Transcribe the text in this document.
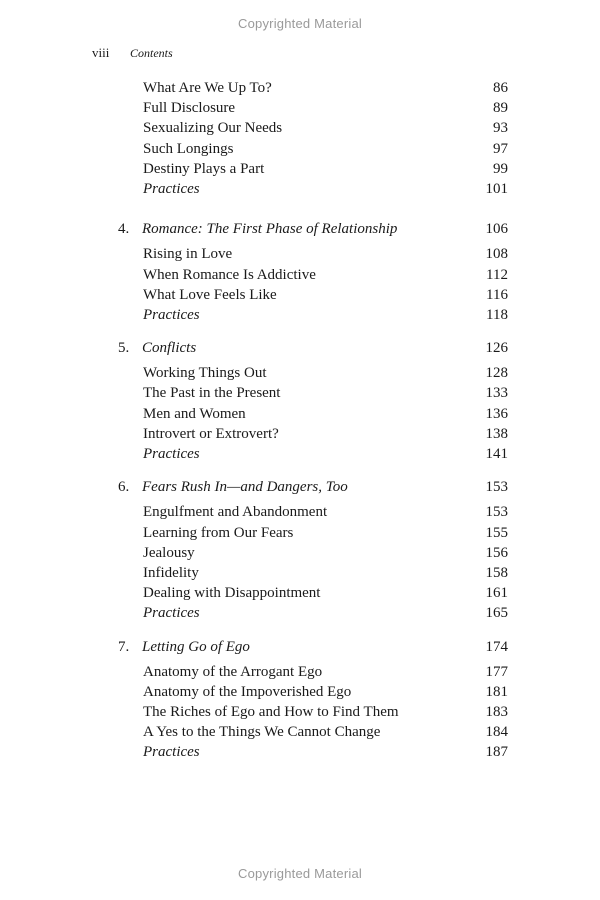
Copyrighted Material
viii Contents
What Are We Up To?	86
Full Disclosure	89
Sexualizing Our Needs	93
Such Longings	97
Destiny Plays a Part	99
Practices	101
4. Romance: The First Phase of Relationship	106
Rising in Love	108
When Romance Is Addictive	112
What Love Feels Like	116
Practices	118
5. Conflicts	126
Working Things Out	128
The Past in the Present	133
Men and Women	136
Introvert or Extrovert?	138
Practices	141
6. Fears Rush In—and Dangers, Too	153
Engulfment and Abandonment	153
Learning from Our Fears	155
Jealousy	156
Infidelity	158
Dealing with Disappointment	161
Practices	165
7. Letting Go of Ego	174
Anatomy of the Arrogant Ego	177
Anatomy of the Impoverished Ego	181
The Riches of Ego and How to Find Them	183
A Yes to the Things We Cannot Change	184
Practices	187
Copyrighted Material
